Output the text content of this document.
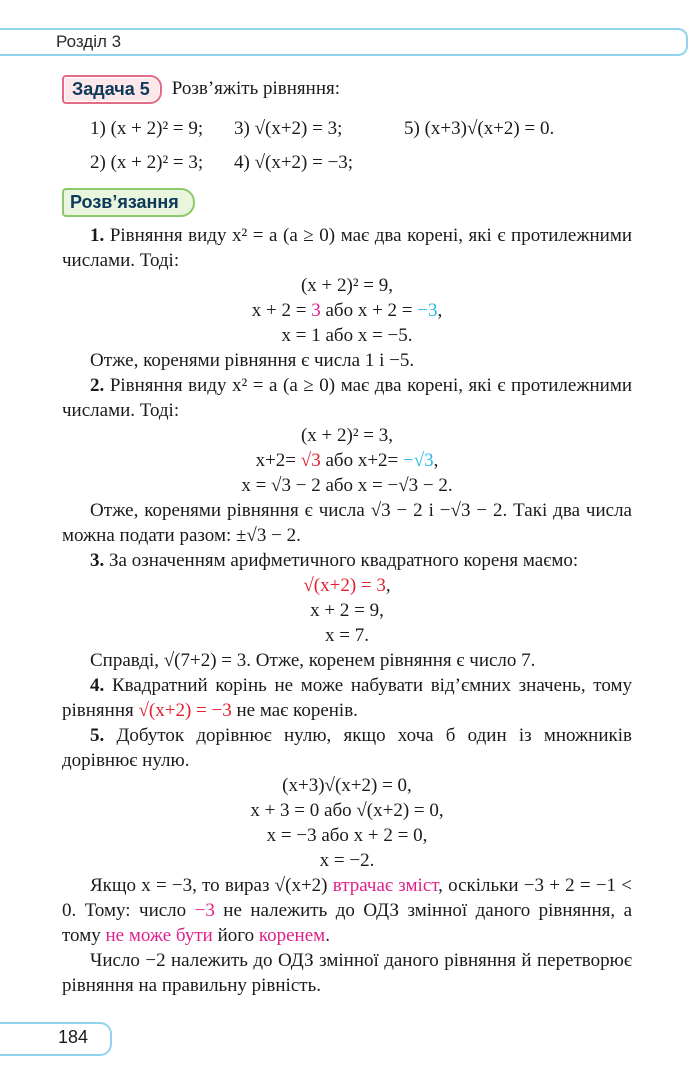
Розділ 3
Задача 5	Розв’яжіть рівняння:
1) (x + 2)² = 9;	3) √(x+2) = 3;	5) (x+3)√(x+2) = 0.
2) (x + 2)² = 3;	4) √(x+2) = −3;
Розв’язання

1. Рівняння виду x² = a (a ≥ 0) має два корені, які є протилежними числами. Тоді:

(x + 2)² = 9,
x + 2 = 3 або x + 2 = −3,
x = 1 або x = −5.

Отже, коренями рівняння є числа 1 і −5.

2. Рівняння виду x² = a (a ≥ 0) має два корені, які є протилежними числами. Тоді:

(x + 2)² = 3,
x+2= √3 або x+2= −√3,
x = √3 − 2 або x = −√3 − 2.

Отже, коренями рівняння є числа √3 − 2 і −√3 − 2. Такі два числа можна подати разом: ±√3 − 2.

3. За означенням арифметичного квадратного кореня маємо:

√(x+2) = 3,
x + 2 = 9,
x = 7.

Справді, √(7+2) = 3. Отже, коренем рівняння є число 7.

4. Квадратний корінь не може набувати від’ємних значень, тому рівняння √(x+2) = −3 не має коренів.

5. Добуток дорівнює нулю, якщо хоча б один із множників дорівнює нулю.

(x+3)√(x+2) = 0,
x + 3 = 0 або √(x+2) = 0,
x = −3 або x + 2 = 0,
x = −2.

Якщо x = −3, то вираз √(x+2) втрачає зміст, оскільки −3 + 2 = −1 < 0. Тому: число −3 не належить до ОДЗ змінної даного рівняння, а тому не може бути його коренем.

Число −2 належить до ОДЗ змінної даного рівняння й перетворює рівняння на правильну рівність.

184
